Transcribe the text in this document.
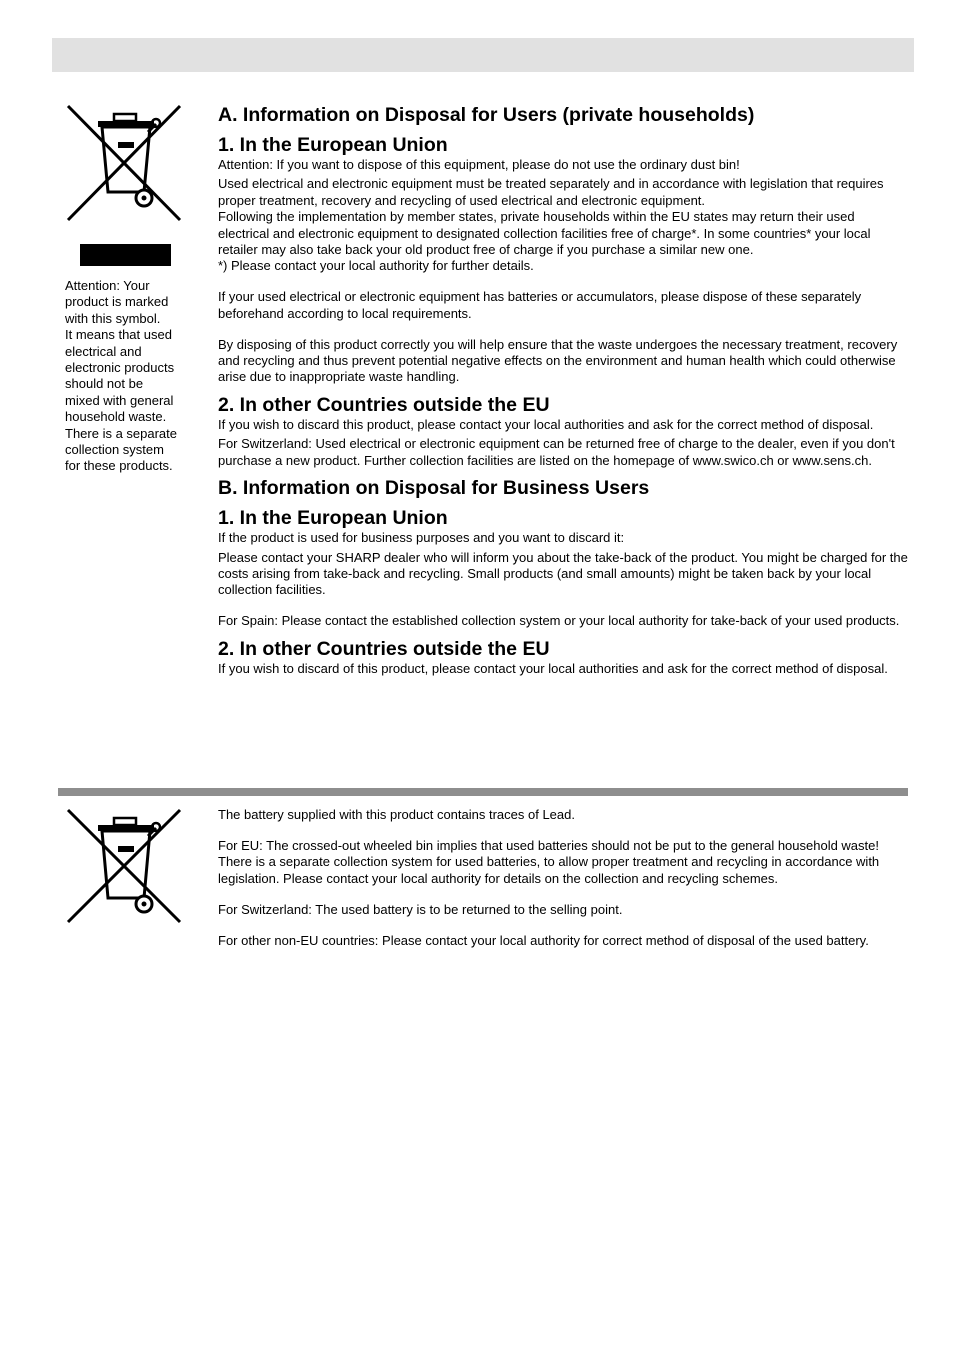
Attention: Your
product is marked
with this symbol.
It means that used
electrical and
electronic products
should not be
mixed with general
household waste.
There is a separate
collection system
for these products.
A. Information on Disposal for Users (private households)
1. In the European Union

Attention: If you want to dispose of this equipment, please do not use the ordinary dust bin!

Used electrical and electronic equipment must be treated separately and in accordance with legislation that requires proper treatment, recovery and recycling of used electrical and electronic equipment.

Following the implementation by member states, private households within the EU states may return their used electrical and electronic equipment to designated collection facilities free of charge*. In some countries* your local retailer may also take back your old product free of charge if you purchase a similar new one.

*) Please contact your local authority for further details.

If your used electrical or electronic equipment has batteries or accumulators, please dispose of these separately beforehand according to local requirements.

By disposing of this product correctly you will help ensure that the waste undergoes the necessary treatment, recovery and recycling and thus prevent potential negative effects on the environment and human health which could otherwise arise due to inappropriate waste handling.

2. In other Countries outside the EU

If you wish to discard this product, please contact your local authorities and ask for the correct method of disposal.

For Switzerland: Used electrical or electronic equipment can be returned free of charge to the dealer, even if you don't purchase a new product. Further collection facilities are listed on the homepage of www.swico.ch or www.sens.ch.

B. Information on Disposal for Business Users
1. In the European Union

If the product is used for business purposes and you want to discard it:

Please contact your SHARP dealer who will inform you about the take-back of the product. You might be charged for the costs arising from take-back and recycling. Small products (and small amounts) might be taken back by your local collection facilities.

For Spain: Please contact the established collection system or your local authority for take-back of your used products.

2. In other Countries outside the EU

If you wish to discard of this product, please contact your local authorities and ask for the correct method of disposal.

The battery supplied with this product contains traces of Lead.

For EU: The crossed-out wheeled bin implies that used batteries should not be put to the general household waste! There is a separate collection system for used batteries, to allow proper treatment and recycling in accordance with legislation. Please contact your local authority for details on the collection and recycling schemes.

For Switzerland: The used battery is to be returned to the selling point.

For other non-EU countries: Please contact your local authority for correct method of disposal of the used battery.
